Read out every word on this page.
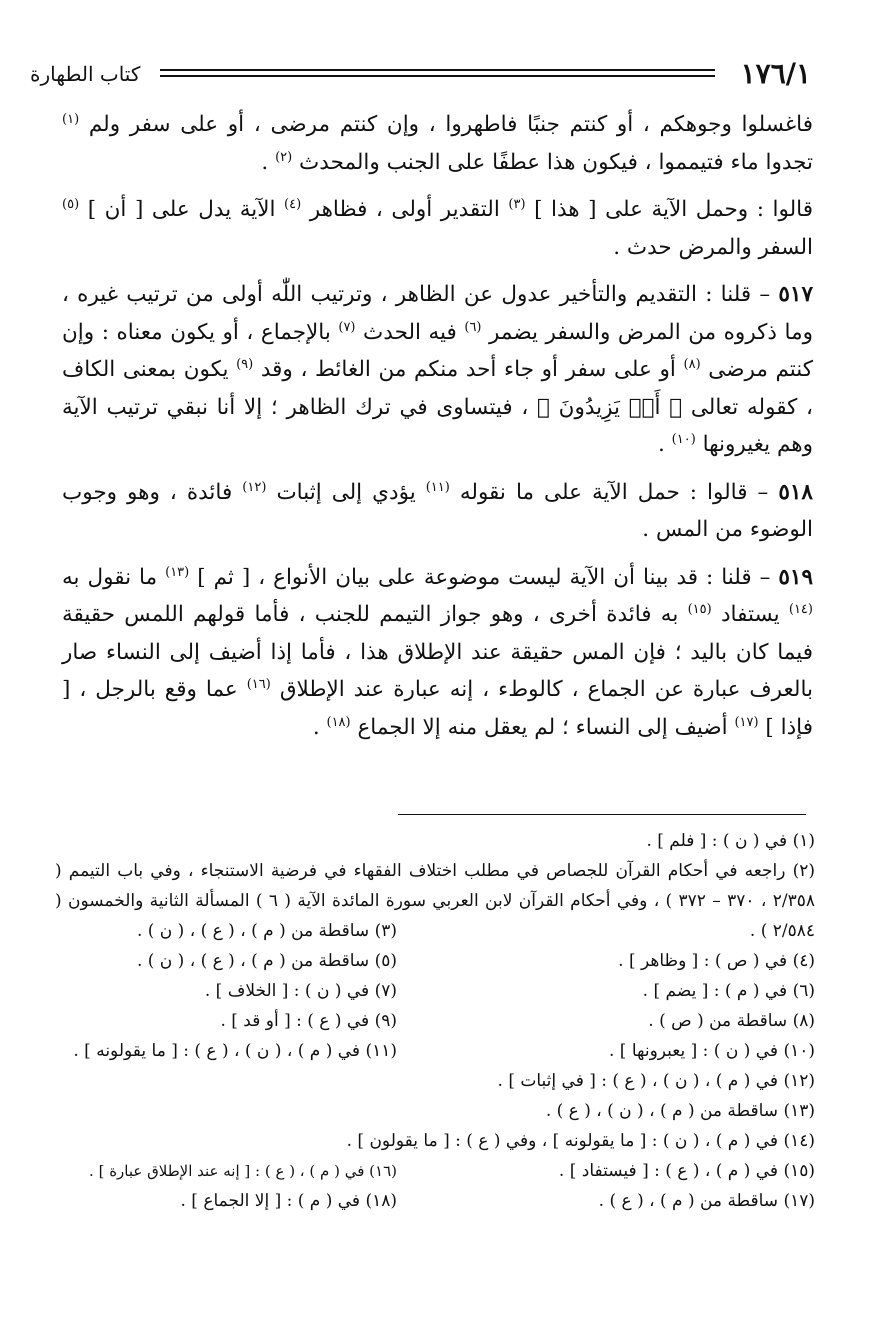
١٧٦/١
كتاب الطهارة
فاغسلوا وجوهكم ، أو كنتم جنبًا فاطهروا ، وإن كنتم مرضى ، أو على سفر ولم $^{(١)}$ تجدوا ماء فتيمموا ، فيكون هذا عطفًا على الجنب والمحدث $^{(٢)}$ .
قالوا : وحمل الآية على [ هذا ] $^{(٣)}$ التقدير أولى ، فظاهر $^{(٤)}$ الآية يدل على [ أن ] $^{(٥)}$ السفر والمرض حدث .
٥١٧ – قلنا : التقديم والتأخير عدول عن الظاهر ، وترتيب اللّٰه أولى من ترتيب غيره ، وما ذكروه من المرض والسفر يضمر $^{(٦)}$ فيه الحدث $^{(٧)}$ بالإجماع ، أو يكون معناه : وإن كنتم مرضى $^{(٨)}$ أو على سفر أو جاء أحد منكم من الغائط ، وقد $^{(٩)}$ يكون بمعنى الكاف ، كقوله تعالى ﴿ أَوۡ يَزِيدُونَ ﴾ ، فيتساوى في ترك الظاهر ؛ إلا أنا نبقي ترتيب الآية وهم يغيرونها $^{(١٠)}$ .
٥١٨ – قالوا : حمل الآية على ما نقوله $^{(١١)}$ يؤدي إلى إثبات $^{(١٢)}$ فائدة ، وهو وجوب الوضوء من المس .
٥١٩ – قلنا : قد بينا أن الآية ليست موضوعة على بيان الأنواع ، [ ثم ] $^{(١٣)}$ ما نقول به $^{(١٤)}$ يستفاد $^{(١٥)}$ به فائدة أخرى ، وهو جواز التيمم للجنب ، فأما قولهم اللمس حقيقة فيما كان باليد ؛ فإن المس حقيقة عند الإطلاق هذا ، فأما إذا أضيف إلى النساء صار بالعرف عبارة عن الجماع ، كالوطء ، إنه عبارة عند الإطلاق $^{(١٦)}$ عما وقع بالرجل ، [ فإذا ] $^{(١٧)}$ أضيف إلى النساء ؛ لم يعقل منه إلا الجماع $^{(١٨)}$ .
(١) في ( ن ) : [ فلم ] .
(٢) راجعه في أحكام القرآن للجصاص في مطلب اختلاف الفقهاء في فرضية الاستنجاء ، وفي باب التيمم ( ٢/٣٥٨ ، ٣٧٠ – ٣٧٢ ) ، وفي أحكام القرآن لابن العربي سورة المائدة الآية ( ٦ ) المسألة الثانية والخمسون ( ٢/٥٨٤ ) .
(٣) ساقطة من ( م ) ، ( ع ) ، ( ن ) .
(٤) في ( ص ) : [ وظاهر ] .
(٥) ساقطة من ( م ) ، ( ع ) ، ( ن ) .
(٦) في ( م ) : [ يضم ] .
(٧) في ( ن ) : [ الخلاف ] .
(٨) ساقطة من ( ص ) .
(٩) في ( ع ) : [ أو قد ] .
(١٠) في ( ن ) : [ يعبرونها ] .
(١١) في ( م ) ، ( ن ) ، ( ع ) : [ ما يقولونه ] .
(١٢) في ( م ) ، ( ن ) ، ( ع ) : [ في إثبات ] .
(١٣) ساقطة من ( م ) ، ( ن ) ، ( ع ) .
(١٤) في ( م ) ، ( ن ) : [ ما يقولونه ] ، وفي ( ع ) : [ ما يقولون ] .
(١٥) في ( م ) ، ( ع ) : [ فيستفاد ] .
(١٦) في ( م ) ، ( ع ) : [ إنه عند الإطلاق عبارة ] .
(١٧) ساقطة من ( م ) ، ( ع ) .
(١٨) في ( م ) : [ إلا الجماع ] .
